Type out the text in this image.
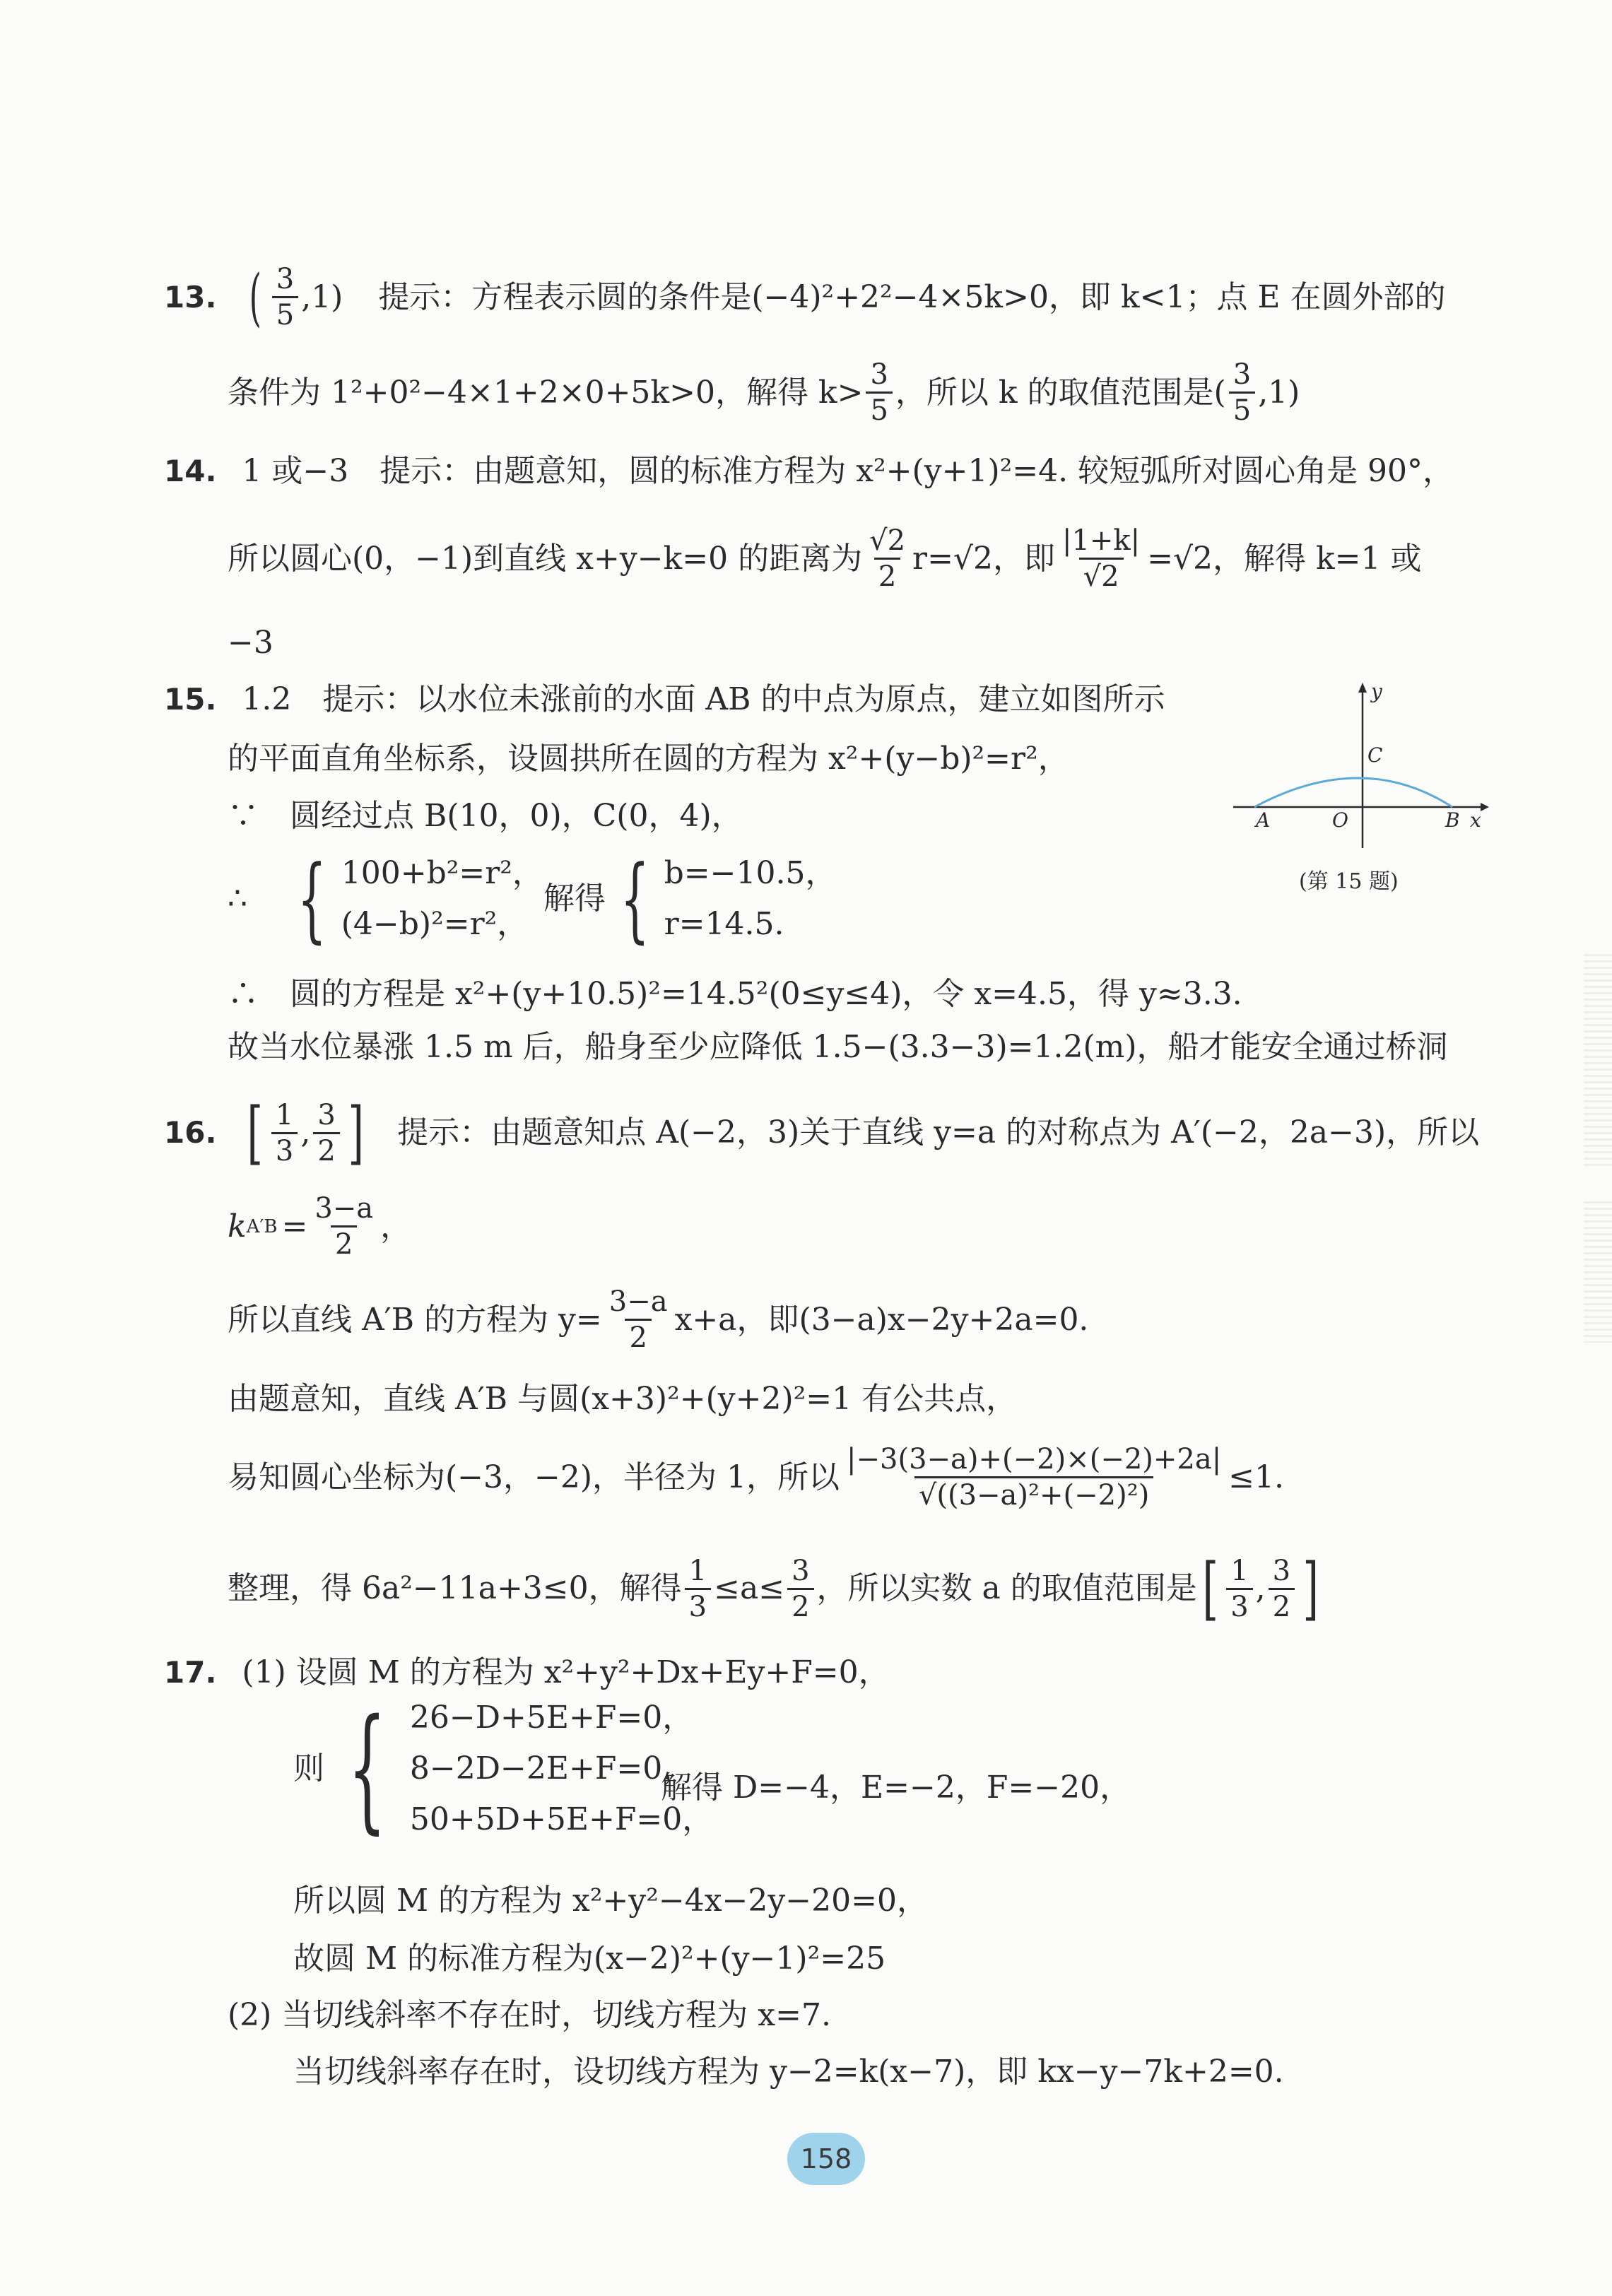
13. ( $\frac{3}{5} ,1$) 提示：方程表示圆的条件是(−4)²+2²−4×5k>0，即 k<1；点 E 在圆外部的
条件为 1²+0²−4×1+2×0+5k>0，解得 $k> \frac{3}{5}$ ，所以 k 的取值范围是( $\frac{3}{5} ,1$)
14. 1 或−3　提示：由题意知，圆的标准方程为 x²+(y+1)²=4. 较短弧所对圆心角是 90°，
所以圆心(0，−1)到直线 x+y−k=0 的距离为 $\frac{√2}{2} r=√2$，即 $\frac{|1+k|}{√2} =√2$，解得 k=1 或
−3
15. 1.2　提示：以水位未涨前的水面 AB 的中点为原点，建立如图所示
的平面直角坐标系，设圆拱所在圆的方程为 x²+(y−b)²=r²，
∵　圆经过点 B(10，0)，C(0，4)，
∴ { 100+b²=r²，
(4−b)²=r²，
解得 { b=−10.5，
r=14.5.
∴　圆的方程是 x²+(y+10.5)²=14.5²(0≤y≤4)，令 x=4.5，得 y≈3.3.
故当水位暴涨 1.5 m 后，船身至少应降低 1.5−(3.3−3)=1.2(m)，船才能安全通过桥洞
y
x
C
A	O	B
(第 15 题)
16. [ $\frac{1}{3}$ , $\frac{3}{2}$ ] 提示：由题意知点 A(−2，3)关于直线 y=a 的对称点为 A′(−2，2a−3)，所以
k $A'B = \frac{3-a}{2}$ ，
所以直线 A′B 的方程为 $y= \frac{3-a}{2} x+a$，即(3−a)x−2y+2a=0.
由题意知，直线 A′B 与圆(x+3)²+(y+2)²=1 有公共点，
易知圆心坐标为(−3，−2)，半径为 1，所以 $\frac{|-3(3-a)+(-2)\times(-2)+2a|}{\text{√((3−a)²+(−2)²)}} \le 1$.
整理，得 6a²−11a+3≤0，解得 $\frac{1}{3} \le a\le \frac{3}{2}$ ，所以实数 a 的取值范围是 [ $\frac{1}{3}$ , $\frac{3}{2}$ ]
17. (1) 设圆 M 的方程为 x²+y²+Dx+Ey+F=0，
则 { 26−D+5E+F=0，
8−2D−2E+F=0，
50+5D+5E+F=0，
解得 D=−4，E=−2，F=−20，
所以圆 M 的方程为 x²+y²−4x−2y−20=0，
故圆 M 的标准方程为(x−2)²+(y−1)²=25
(2) 当切线斜率不存在时，切线方程为 x=7.
当切线斜率存在时，设切线方程为 y−2=k(x−7)，即 kx−y−7k+2=0.
158
